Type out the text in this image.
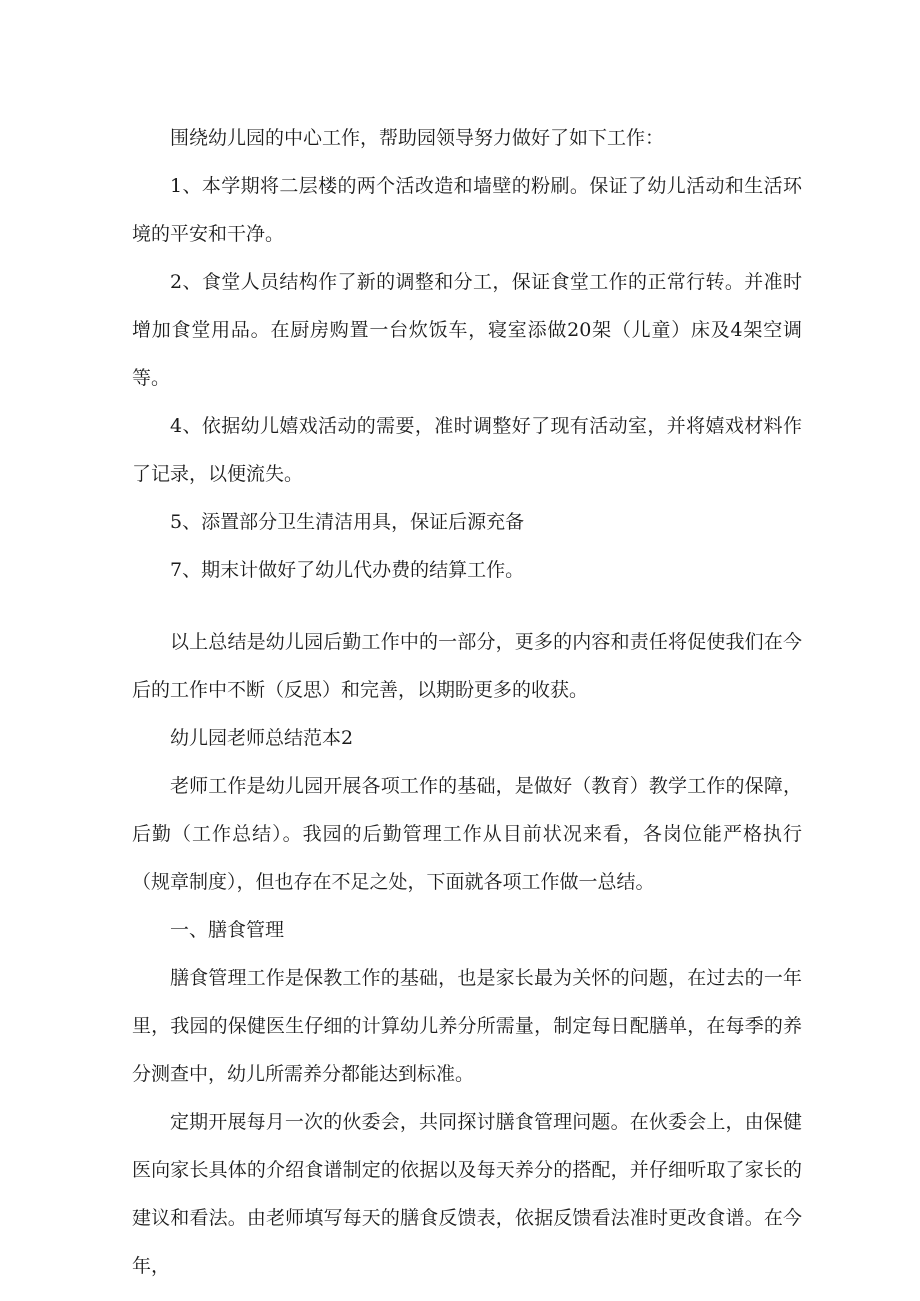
围绕幼儿园的中心工作，帮助园领导努力做好了如下工作：

1、本学期将二层楼的两个活改造和墙壁的粉刷。保证了幼儿活动和生活环境的平安和干净。

2、食堂人员结构作了新的调整和分工，保证食堂工作的正常行转。并准时增加食堂用品。在厨房购置一台炊饭车，寝室添做20架（儿童）床及4架空调等。

4、依据幼儿嬉戏活动的需要，准时调整好了现有活动室，并将嬉戏材料作了记录，以便流失。

5、添置部分卫生清洁用具，保证后源充备

7、期末计做好了幼儿代办费的结算工作。

以上总结是幼儿园后勤工作中的一部分，更多的内容和责任将促使我们在今后的工作中不断（反思）和完善，以期盼更多的收获。

幼儿园老师总结范本2

老师工作是幼儿园开展各项工作的基础，是做好（教育）教学工作的保障，后勤（工作总结）。我园的后勤管理工作从目前状况来看，各岗位能严格执行（规章制度），但也存在不足之处，下面就各项工作做一总结。

一、膳食管理

膳食管理工作是保教工作的基础，也是家长最为关怀的问题，在过去的一年里，我园的保健医生仔细的计算幼儿养分所需量，制定每日配膳单，在每季的养分测查中，幼儿所需养分都能达到标准。

定期开展每月一次的伙委会，共同探讨膳食管理问题。在伙委会上，由保健医向家长具体的介绍食谱制定的依据以及每天养分的搭配，并仔细听取了家长的建议和看法。由老师填写每天的膳食反馈表，依据反馈看法准时更改食谱。在今年，
